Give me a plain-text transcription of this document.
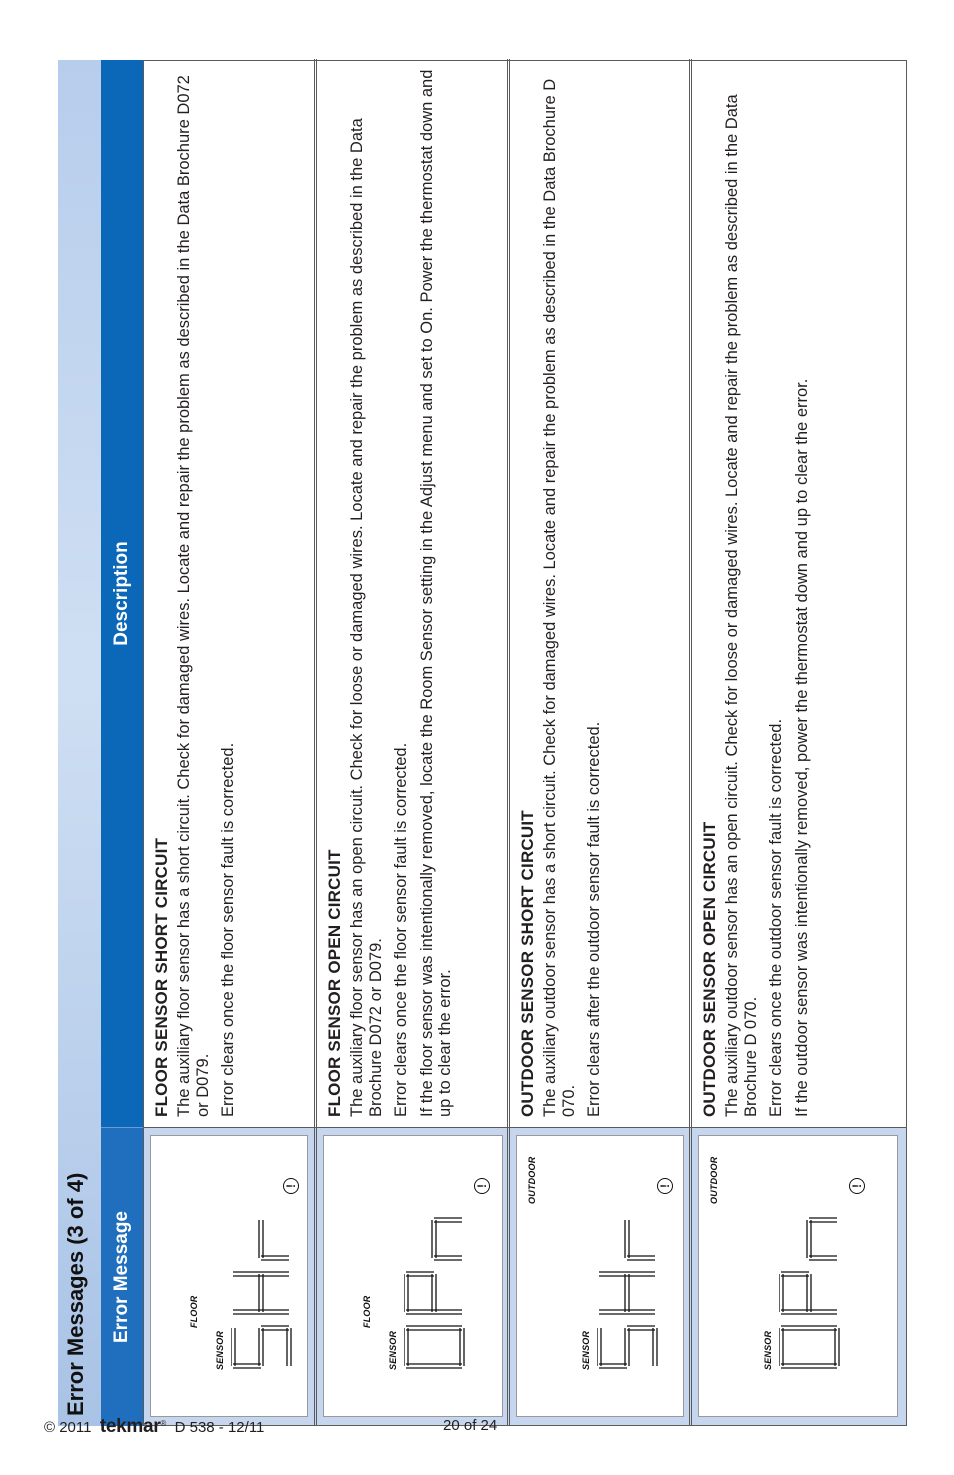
Error Messages (3 of 4)	Error Message
Description
FLOOR
SENSOR
!
FLOOR SENSOR SHORT CIRCUIT The auxiliary floor sensor has a short circuit. Check for damaged wires. Locate and repair the problem as described in the Data Brochure D072 or D079. Error clears once the floor sensor fault is corrected.

FLOOR
SENSOR
!
FLOOR SENSOR OPEN CIRCUIT The auxiliary floor sensor has an open circuit. Check for loose or damaged wires. Locate and repair the problem as described in the Data Brochure D072 or D079. Error clears once the floor sensor fault is corrected. If the floor sensor was intentionally removed, locate the Room Sensor setting in the Adjust menu and set to On. Power the thermostat down and up to clear the error.

OUTDOOR
SENSOR
!
OUTDOOR SENSOR SHORT CIRCUIT The auxiliary outdoor sensor has a short circuit. Check for damaged wires. Locate and repair the problem as described in the Data Brochure D 070. Error clears after the outdoor sensor fault is corrected.

OUTDOOR
SENSOR
!
OUTDOOR SENSOR OPEN CIRCUIT The auxiliary outdoor sensor has an open circuit. Check for loose or damaged wires. Locate and repair the problem as described in the Data Brochure D 070. Error clears once the outdoor sensor fault is corrected. If the outdoor sensor was intentionally removed, power the thermostat down and up to clear the error.

© 2011 tekmar® D 538 - 12/11	20 of 24
